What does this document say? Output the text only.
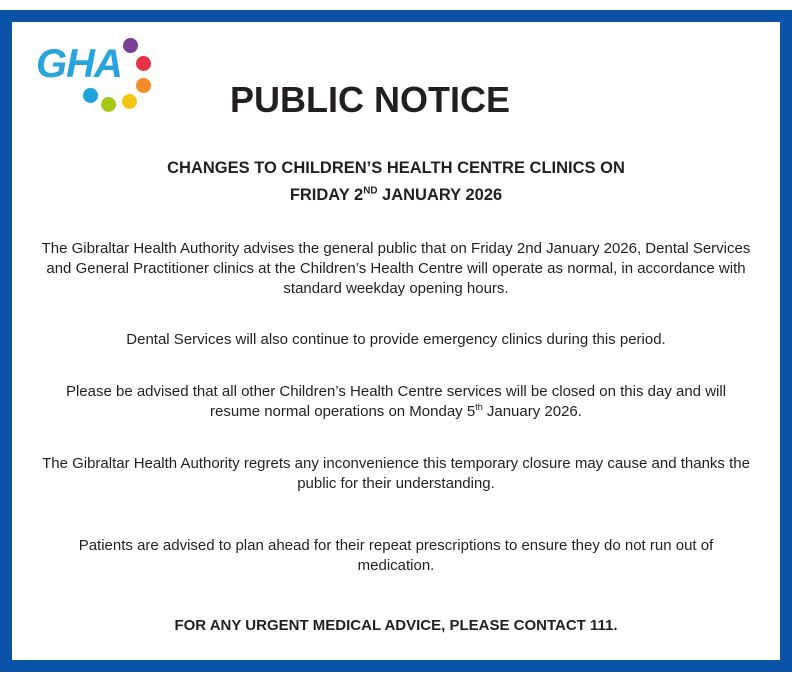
GHA
PUBLIC NOTICE
CHANGES TO CHILDREN’S HEALTH CENTRE CLINICS ON
FRIDAY 2ND JANUARY 2026
The Gibraltar Health Authority advises the general public that on Friday 2nd January 2026, Dental Services and General Practitioner clinics at the Children’s Health Centre will operate as normal, in accordance with standard weekday opening hours.
Dental Services will also continue to provide emergency clinics during this period.
Please be advised that all other Children’s Health Centre services will be closed on this day and will resume normal operations on Monday 5th January 2026.
The Gibraltar Health Authority regrets any inconvenience this temporary closure may cause and thanks the public for their understanding.
Patients are advised to plan ahead for their repeat prescriptions to ensure they do not run out of medication.
FOR ANY URGENT MEDICAL ADVICE, PLEASE CONTACT 111.
